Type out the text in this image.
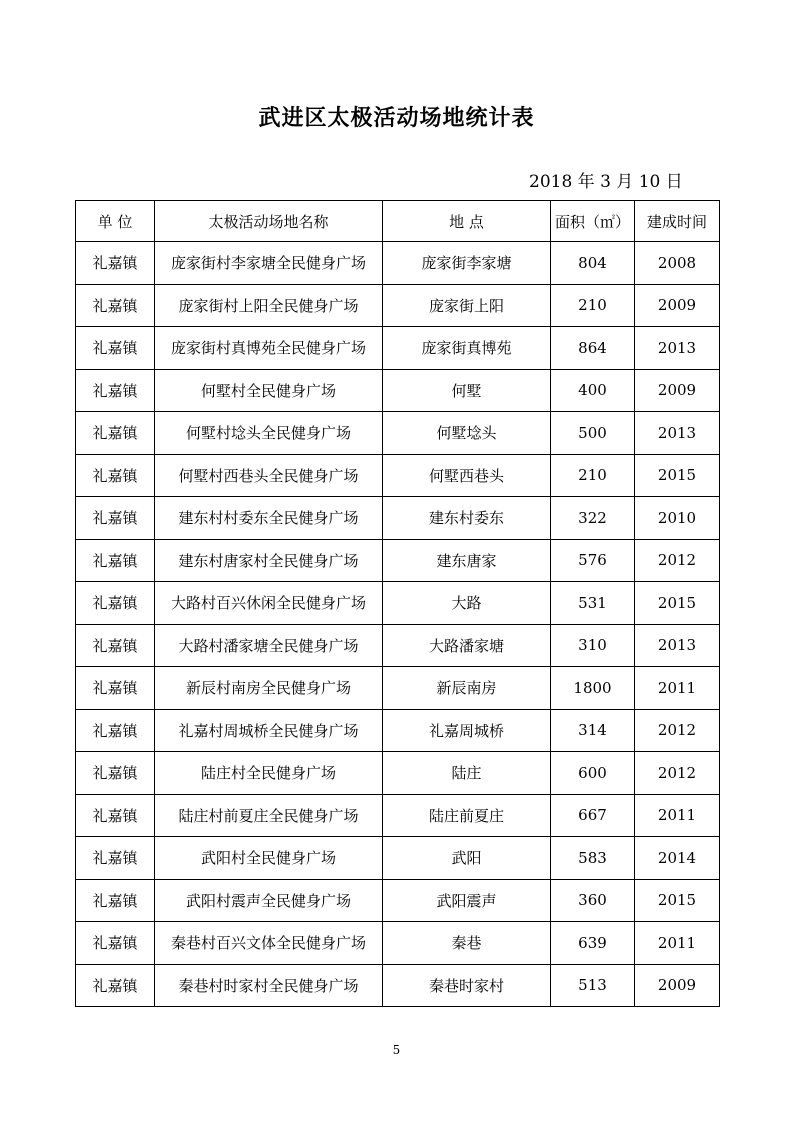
武进区太极活动场地统计表
2018 年 3 月 10 日
单 位	太极活动场地名称	地 点	面积（㎡）	建成时间
礼嘉镇	庞家街村李家塘全民健身广场	庞家街李家塘	804	2008
礼嘉镇	庞家街村上阳全民健身广场	庞家街上阳	210	2009
礼嘉镇	庞家街村真博苑全民健身广场	庞家街真博苑	864	2013
礼嘉镇	何墅村全民健身广场	何墅	400	2009
礼嘉镇	何墅村埝头全民健身广场	何墅埝头	500	2013
礼嘉镇	何墅村西巷头全民健身广场	何墅西巷头	210	2015
礼嘉镇	建东村村委东全民健身广场	建东村委东	322	2010
礼嘉镇	建东村唐家村全民健身广场	建东唐家	576	2012
礼嘉镇	大路村百兴休闲全民健身广场	大路	531	2015
礼嘉镇	大路村潘家塘全民健身广场	大路潘家塘	310	2013
礼嘉镇	新辰村南房全民健身广场	新辰南房	1800	2011
礼嘉镇	礼嘉村周城桥全民健身广场	礼嘉周城桥	314	2012
礼嘉镇	陆庄村全民健身广场	陆庄	600	2012
礼嘉镇	陆庄村前夏庄全民健身广场	陆庄前夏庄	667	2011
礼嘉镇	武阳村全民健身广场	武阳	583	2014
礼嘉镇	武阳村震声全民健身广场	武阳震声	360	2015
礼嘉镇	秦巷村百兴文体全民健身广场	秦巷	639	2011
礼嘉镇	秦巷村时家村全民健身广场	秦巷时家村	513	2009
5
